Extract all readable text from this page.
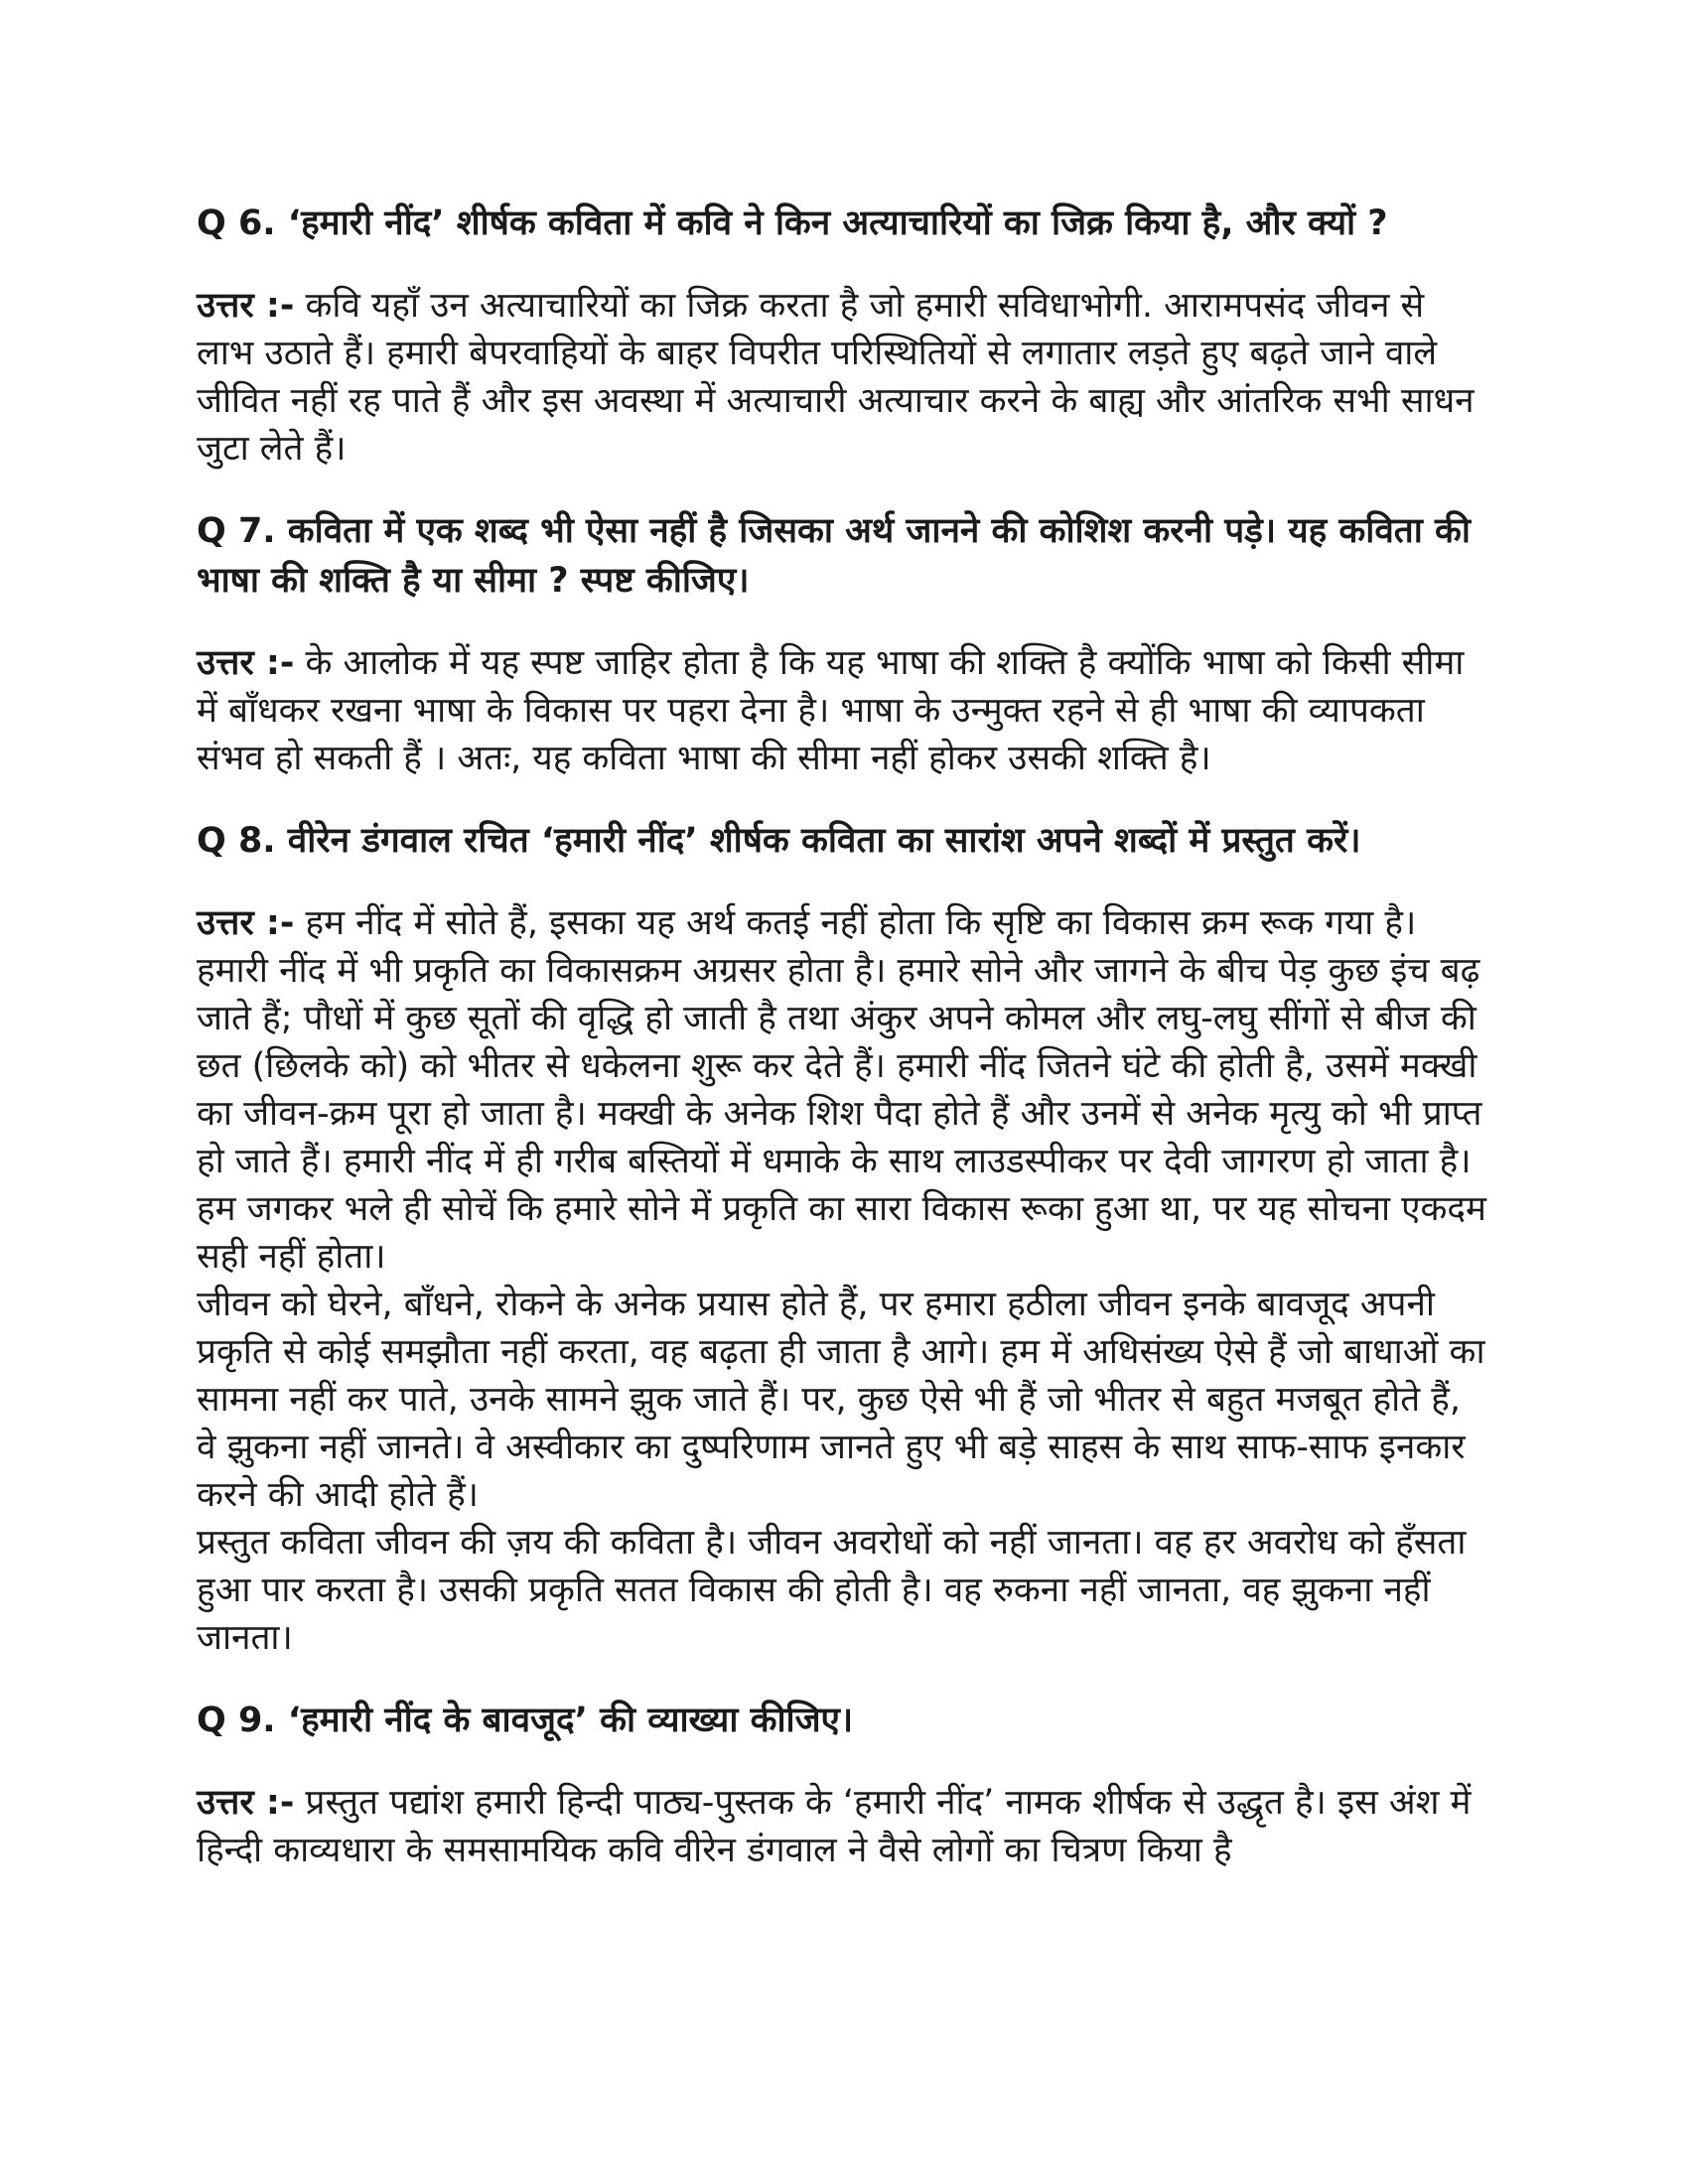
Q 6. ‘हमारी नींद’ शीर्षक कविता में कवि ने किन अत्याचारियों का जिक्र किया है, और क्यों ?

उत्तर :- कवि यहाँ उन अत्याचारियों का जिक्र करता है जो हमारी सविधाभोगी. आरामपसंद जीवन से लाभ उठाते हैं। हमारी बेपरवाहियों के बाहर विपरीत परिस्थितियों से लगातार लड़ते हुए बढ़ते जाने वाले जीवित नहीं रह पाते हैं और इस अवस्था में अत्याचारी अत्याचार करने के बाह्य और आंतरिक सभी साधन जुटा लेते हैं।

Q 7. कविता में एक शब्द भी ऐसा नहीं है जिसका अर्थ जानने की कोशिश करनी पड़े। यह कविता की भाषा की शक्ति है या सीमा ? स्पष्ट कीजिए।

उत्तर :- के आलोक में यह स्पष्ट जाहिर होता है कि यह भाषा की शक्ति है क्योंकि भाषा को किसी सीमा में बाँधकर रखना भाषा के विकास पर पहरा देना है। भाषा के उन्मुक्त रहने से ही भाषा की व्यापकता संभव हो सकती हैं । अतः, यह कविता भाषा की सीमा नहीं होकर उसकी शक्ति है।

Q 8. वीरेन डंगवाल रचित ‘हमारी नींद’ शीर्षक कविता का सारांश अपने शब्दों में प्रस्तुत करें।

उत्तर :- हम नींद में सोते हैं, इसका यह अर्थ कतई नहीं होता कि सृष्टि का विकास क्रम रूक गया है। हमारी नींद में भी प्रकृति का विकासक्रम अग्रसर होता है। हमारे सोने और जागने के बीच पेड़ कुछ इंच बढ़ जाते हैं; पौधों में कुछ सूतों की वृद्धि हो जाती है तथा अंकुर अपने कोमल और लघु-लघु सींगों से बीज की छत (छिलके को) को भीतर से धकेलना शुरू कर देते हैं। हमारी नींद जितने घंटे की होती है, उसमें मक्खी का जीवन-क्रम पूरा हो जाता है। मक्खी के अनेक शिश पैदा होते हैं और उनमें से अनेक मृत्यु को भी प्राप्त हो जाते हैं। हमारी नींद में ही गरीब बस्तियों में धमाके के साथ लाउडस्पीकर पर देवी जागरण हो जाता है। हम जगकर भले ही सोचें कि हमारे सोने में प्रकृति का सारा विकास रूका हुआ था, पर यह सोचना एकदम सही नहीं होता।
जीवन को घेरने, बाँधने, रोकने के अनेक प्रयास होते हैं, पर हमारा हठीला जीवन इनके बावजूद अपनी प्रकृति से कोई समझौता नहीं करता, वह बढ़ता ही जाता है आगे। हम में अधिसंख्य ऐसे हैं जो बाधाओं का सामना नहीं कर पाते, उनके सामने झुक जाते हैं। पर, कुछ ऐसे भी हैं जो भीतर से बहुत मजबूत होते हैं, वे झुकना नहीं जानते। वे अस्वीकार का दुष्परिणाम जानते हुए भी बड़े साहस के साथ साफ-साफ इनकार करने की आदी होते हैं।
प्रस्तुत कविता जीवन की ज़य की कविता है। जीवन अवरोधों को नहीं जानता। वह हर अवरोध को हँसता हुआ पार करता है। उसकी प्रकृति सतत विकास की होती है। वह रुकना नहीं जानता, वह झुकना नहीं जानता।

Q 9. ‘हमारी नींद के बावजूद’ की व्याख्या कीजिए।

उत्तर :- प्रस्तुत पद्यांश हमारी हिन्दी पाठ्य-पुस्तक के ‘हमारी नींद’ नामक शीर्षक से उद्धृत है। इस अंश में हिन्दी काव्यधारा के समसामयिक कवि वीरेन डंगवाल ने वैसे लोगों का चित्रण किया है
